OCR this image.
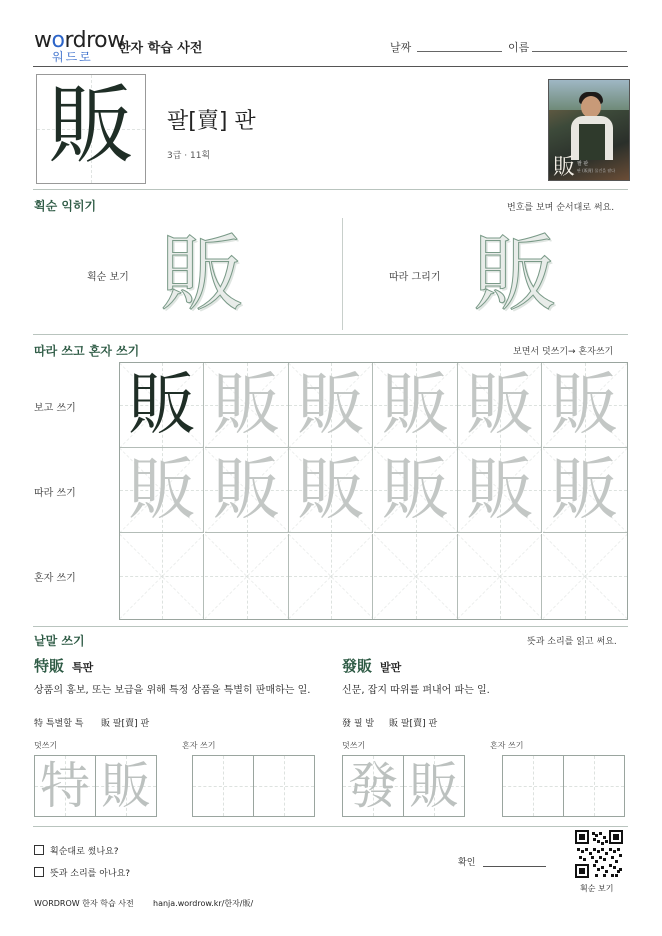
wordrow
워드로
한자 학습 사전	날짜	이름
販	팔[賣] 판
3급 · 11획	販 팔 판
판 (販賣) 물건을 팔다
획순 익히기	번호를 보며 순서대로 써요.
획순 보기 販	따라 그리기 販
따라 쓰고 혼자 쓰기	보면서 덧쓰기→ 혼자쓰기
보고 쓰기
따라 쓰기
혼자 쓰기
販 販 販 販 販 販
販 販 販 販 販 販
낱말 쓰기	뜻과 소리를 읽고 써요.
特販 특판
상품의 홍보, 또는 보급을 위해 특정 상품을 특별히 판매하는 일.
特 특별할 특 販 팔[賣] 판
덧쓰기	혼자 쓰기
特 販
發販 발판
신문, 잡지 따위를 펴내어 파는 일.
發 필 발 販 팔[賣] 판
덧쓰기	혼자 쓰기
發 販
획순대로 썼나요?
뜻과 소리를 아나요?
확인
획순 보기
WORDROW 한자 학습 사전 hanja.wordrow.kr/한자/販/
